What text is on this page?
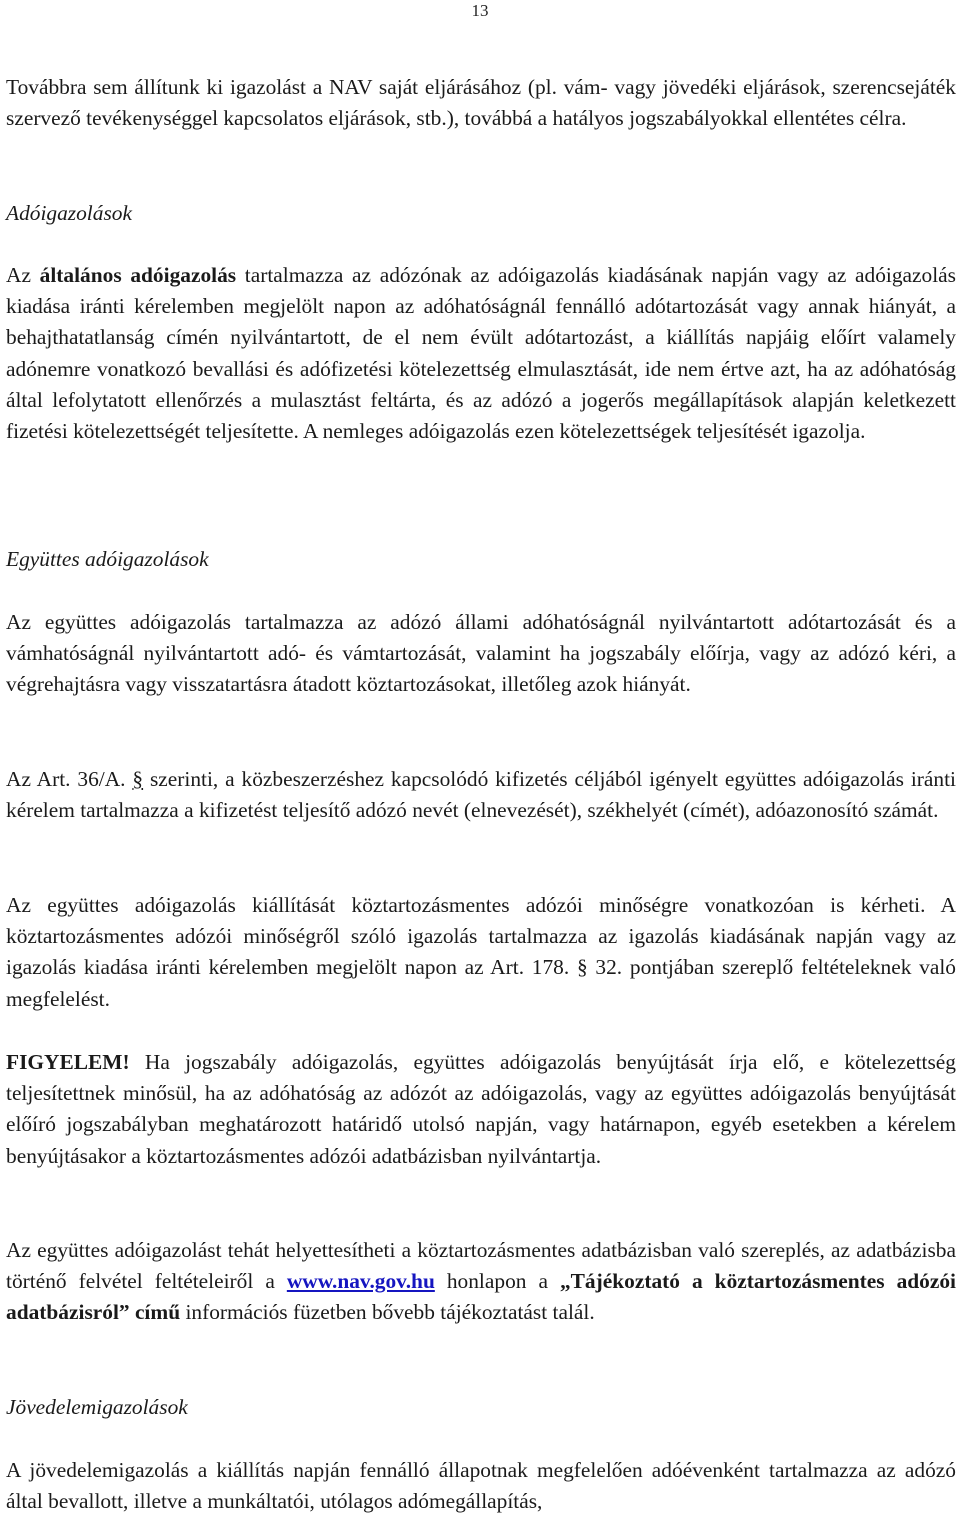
13

Továbbra sem állítunk ki igazolást a NAV saját eljárásához (pl. vám- vagy jövedéki eljárások, szerencsejáték szervező tevékenységgel kapcsolatos eljárások, stb.), továbbá a hatályos jogszabályokkal ellentétes célra.

Adóigazolások

Az általános adóigazolás tartalmazza az adózónak az adóigazolás kiadásának napján vagy az adóigazolás kiadása iránti kérelemben megjelölt napon az adóhatóságnál fennálló adótartozását vagy annak hiányát, a behajthatatlanság címén nyilvántartott, de el nem évült adótartozást, a kiállítás napjáig előírt valamely adónemre vonatkozó bevallási és adófizetési kötelezettség elmulasztását, ide nem értve azt, ha az adóhatóság által lefolytatott ellenőrzés a mulasztást feltárta, és az adózó a jogerős megállapítások alapján keletkezett fizetési kötelezettségét teljesítette. A nemleges adóigazolás ezen kötelezettségek teljesítését igazolja.

Együttes adóigazolások

Az együttes adóigazolás tartalmazza az adózó állami adóhatóságnál nyilvántartott adótartozását és a vámhatóságnál nyilvántartott adó- és vámtartozását, valamint ha jogszabály előírja, vagy az adózó kéri, a végrehajtásra vagy visszatartásra átadott köztartozásokat, illetőleg azok hiányát.

Az Art. 36/A. § szerinti, a közbeszerzéshez kapcsolódó kifizetés céljából igényelt együttes adóigazolás iránti kérelem tartalmazza a kifizetést teljesítő adózó nevét (elnevezését), székhelyét (címét), adóazonosító számát.

Az együttes adóigazolás kiállítását köztartozásmentes adózói minőségre vonatkozóan is kérheti. A köztartozásmentes adózói minőségről szóló igazolás tartalmazza az igazolás kiadásának napján vagy az igazolás kiadása iránti kérelemben megjelölt napon az Art. 178. § 32. pontjában szereplő feltételeknek való megfelelést.

FIGYELEM! Ha jogszabály adóigazolás, együttes adóigazolás benyújtását írja elő, e kötelezettség teljesítettnek minősül, ha az adóhatóság az adózót az adóigazolás, vagy az együttes adóigazolás benyújtását előíró jogszabályban meghatározott határidő utolsó napján, vagy határnapon, egyéb esetekben a kérelem benyújtásakor a köztartozásmentes adózói adatbázisban nyilvántartja.

Az együttes adóigazolást tehát helyettesítheti a köztartozásmentes adatbázisban való szereplés, az adatbázisba történő felvétel feltételeiről a www.nav.gov.hu honlapon a „Tájékoztató a köztartozásmentes adózói adatbázisról” című információs füzetben bővebb tájékoztatást talál.

Jövedelemigazolások

A jövedelemigazolás a kiállítás napján fennálló állapotnak megfelelően adóévenként tartalmazza az adózó által bevallott, illetve a munkáltatói, utólagos adómegállapítás,
